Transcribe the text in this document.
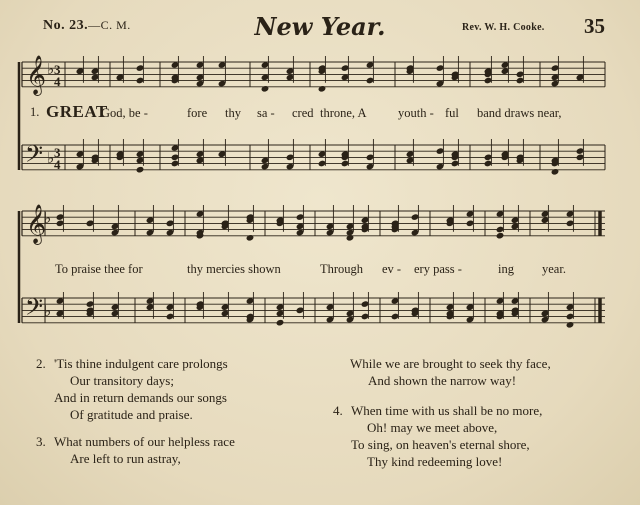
No. 23.—C. M.	New Year.	Rev. W. H. Cooke. 35
𝄞
𝄞
𝄢
𝄢
♭ 3
4
♭ 3
4
♭
♭
1. GREAT
God, be -	fore thy sa - cred throne, A	youth - ful band draws near,
To praise thee for	thy mercies shown	Through ev - ery pass -	ing year.
2. 'Tis thine indulgent care prolongs
Our transitory days;
And in return demands our songs
Of gratitude and praise.
3. What numbers of our helpless race
Are left to run astray,
While we are brought to seek thy face,
And shown the narrow way!
4. When time with us shall be no more,
Oh! may we meet above,
To sing, on heaven's eternal shore,
Thy kind redeeming love!
